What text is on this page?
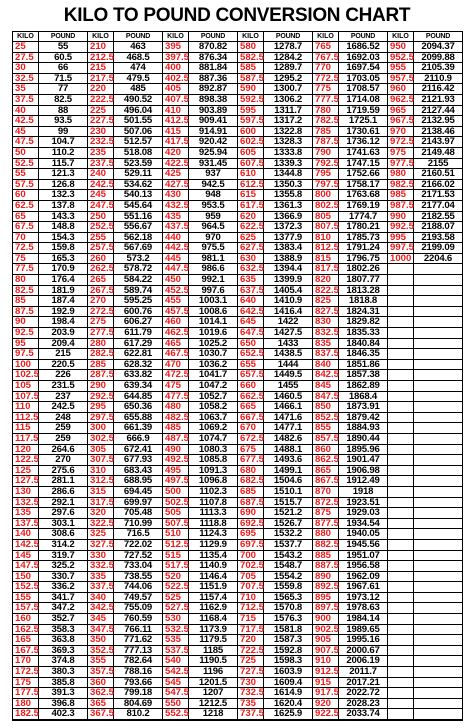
KILO TO POUND CONVERSION CHART
KILO	POUND
25	55
27.5	60.5
30	66
32.5	71.5
35	77
37.5	82.5
40	88
42.5	93.5
45	99
47.5	104.7
50	110.2
52.5	115.7
55	121.3
57.5	126.8
60	132.3
62.5	137.8
65	143.3
67.5	148.8
70	154.3
72.5	159.8
75	165.3
77.5	170.9
80	176.4
82.5	181.9
85	187.4
87.5	192.9
90	198.4
92.5	203.9
95	209.4
97.5	215
100	220.5
102.5	226
105	231.5
107.5	237
110	242.5
112.5	248
115	259
117.5	259
120	264.6
122.5	270
125	275.6
127.5	281.1
130	286.6
132.5	292.1
135	297.6
137.5	303.1
140	308.6
142.5	314.2
145	319.7
147.5	325.2
150	330.7
152.5	336.2
155	341.7
157.5	347.2
160	352.7
162.5	358.3
165	363.8
167.5	369.3
170	374.8
172.5	380.3
175	385.8
177.5	391.3
180	396.8
182.5	402.3
KILO	POUND
210	463
212.5	468.5
215	474
217.5	479.5
220	485
222.5	490.52
225	496.04
227.5	501.55
230	507.06
232.5	512.57
235	518.08
237.5	523.59
240	529.11
242.5	534.62
245	540.13
247.5	545.64
250	551.16
252.5	556.67
255	562.18
257.5	567.69
260	573.2
262.5	578.72
265	584.22
267.5	589.74
270	595.25
272.5	600.76
275	606.27
277.5	611.79
280	617.29
282.5	622.81
285	628.32
287.5	633.82
290	639.34
292.5	644.85
295	650.36
297.5	655.88
300	661.39
302.5	666.9
305	672.41
307.5	677.93
310	683.43
312.5	688.95
315	694.45
317.5	699.97
320	705.48
322.5	710.99
325	716.5
327.5	722.02
330	727.52
332.5	733.04
335	738.55
337.5	744.06
340	749.57
342.5	755.09
345	760.59
347.5	766.11
350	771.62
352.5	777.13
355	782.64
357.5	788.16
360	793.66
362.5	799.18
365	804.69
367.5	810.2
KILO	POUND
395	870.82
397.5	876.34
400	881.84
402.5	887.36
405	892.87
407.5	898.38
410	903.89
412.5	909.41
415	914.91
417.5	920.42
420	925.94
422.5	931.45
425	937
427.5	942.5
430	948
432.5	953.5
435	959
437.5	964.5
440	970
442.5	975.5
445	981.1
447.5	986.6
450	992.1
452.5	997.6
455	1003.1
457.5	1008.6
460	1014.1
462.5	1019.6
465	1025.2
467.5	1030.7
470	1036.2
472.5	1041.7
475	1047.2
477.5	1052.7
480	1058.2
482.5	1063.7
485	1069.2
487.5	1074.7
490	1080.3
492.5	1085.8
495	1091.3
497.5	1096.8
500	1102.3
502.5	1107.8
505	1113.3
507.5	1118.8
510	1124.3
512.5	1129.9
515	1135.4
517.5	1140.9
520	1146.4
522.5	1151.9
525	1157.4
527.5	1162.9
530	1168.4
532.5	1173.9
535	1179.5
537.5	1185
540	1190.5
542.5	1196
545	1201.5
547.5	1207
550	1212.5
552.5	1218
KILO	POUND
580	1278.7
582.5	1284.2
585	1289.7
587.5	1295.2
590	1300.7
592.5	1306.2
595	1311.7
597.5	1317.2
600	1322.8
602.5	1328.3
605	1333.8
607.5	1339.3
610	1344.8
612.5	1350.3
615	1355.8
617.5	1361.3
620	1366.9
622.5	1372.3
625	1377.9
627.5	1383.4
630	1388.9
632.5	1394.4
635	1399.9
637.5	1405.4
640	1410.9
642.5	1416.4
645	1422
647.5	1427.5
650	1433
652.5	1438.5
655	1444
657.5	1449.5
660	1455
662.5	1460.5
665	1466.1
667.5	1471.6
670	1477.1
672.5	1482.6
675	1488.1
677.5	1493.6
680	1499.1
682.5	1504.6
685	1510.1
687.5	1515.7
690	1521.2
692.5	1526.7
695	1532.2
697.5	1537.7
700	1543.2
702.5	1548.7
705	1554.2
707.5	1559.8
710	1565.3
712.5	1570.8
715	1576.3
717.5	1581.8
720	1587.3
722.5	1592.8
725	1598.3
727.5	1603.9
730	1609.4
732.5	1614.9
735	1620.4
737.5	1625.9
KILO	POUND
765	1686.52
767.5 1692.03
770	1697.54
772.5 1703.05
775	1708.57
777.5 1714.08
780	1719.59
782.5	1725.1
785	1730.61
787.5 1736.12
790	1741.63
792.5 1747.15
795	1752.66
797.5 1758.17
800	1763.68
802.5 1769.19
805	1774.7
807.5 1780.21
810	1785.73
812.5 1791.24
815	1796.75
817.5 1802.26
820	1807.77
822.5 1813.28
825	1818.8
827.5 1824.31
830	1829.82
832.5 1835.33
835	1840.84
837.5 1846.35
840	1851.86
842.5 1857.38
845	1862.89
847.5	1868.4
850	1873.91
852.5 1879.42
855	1884.93
857.5 1890.44
860	1895.96
862.5 1901.47
865	1906.98
867.5 1912.49
870	1918
872.5 1923.51
875	1929.03
877.5 1934.54
880	1940.05
882.5 1945.56
885	1951.07
887.5 1956.58
890	1962.09
892.5 1967.61
895	1973.12
897.5 1978.63
900	1984.14
902.5 1989.65
905	1995.16
907.5 2000.67
910	2006.19
912.5	2011.7
915	2017.21
917.5 2022.72
920	2028.23
922.5 2033.74
KILO	POUND
950	2094.37
952.5 2099.88
955	2105.39
957.5	2110.9
960	2116.42
962.5 2121.93
965	2127.44
967.5 2132.95
970	2138.46
972.5 2143.97
975	2149.48
977.5	2155
980	2160.51
982.5 2166.02
985	2171.53
987.5 2177.04
990	2182.55
992.5 2188.07
995	2193.58
997.5 2199.09
1000	2204.6
